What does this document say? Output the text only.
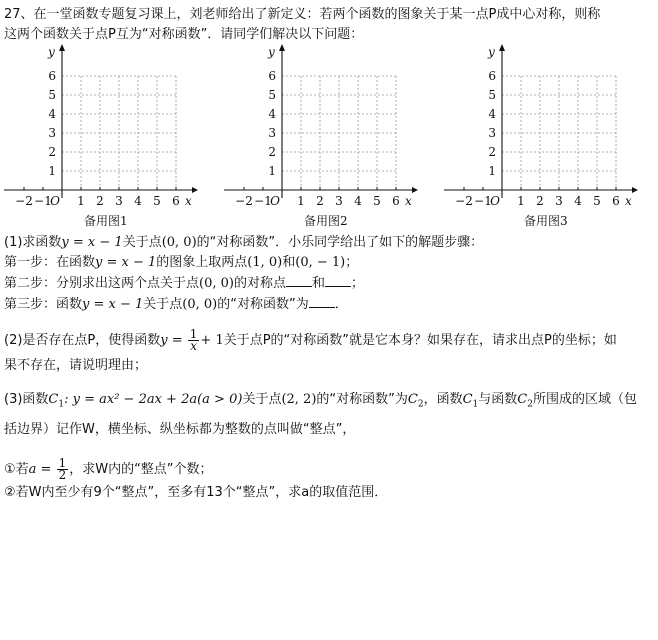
27、在一堂函数专题复习课上，刘老师给出了新定义：若两个函数的图象关于某一点P成中心对称，则称
这两个函数关于点P互为“对称函数”．请同学们解决以下问题：
−2 −1 1 2 3 4 5 6
1
2
3
4
5
6
O	x
y
−2 −1 1 2 3 4 5 6
1
2
3
4
5
6
O	x
y
−2 −1 1 2 3 4 5 6
1
2
3
4
5
6
O	x
y
备用图1	备用图2	备用图3
(1)求函数y = x − 1关于点(0, 0)的“对称函数”．小乐同学给出了如下的解题步骤：
第一步：在函数y = x − 1的图象上取两点(1, 0)和(0, − 1)；
第二步：分别求出这两个点关于点(0, 0)的对称点 和 ；
第三步：函数y = x − 1关于点(0, 0)的“对称函数”为 ．
(2)是否存在点P，使得函数$y = \frac{1}{x} + 1$关于点P的“对称函数”就是它本身？如果存在，请求出点P的坐标；如
果不存在，请说明理由；
(3)函数$C_1$: y = ax² − 2ax + 2a(a > 0)关于点(2, 2)的“对称函数”为$C_2$，函数$C_1$与函数$C_2$所围成的区域（包
括边界）记作W，横坐标、纵坐标都为整数的点叫做“整点”，
①若$a = \frac{1}{2}$ ，求W内的“整点”个数；
②若W内至少有9个“整点”，至多有13个“整点”，求a的取值范围．
